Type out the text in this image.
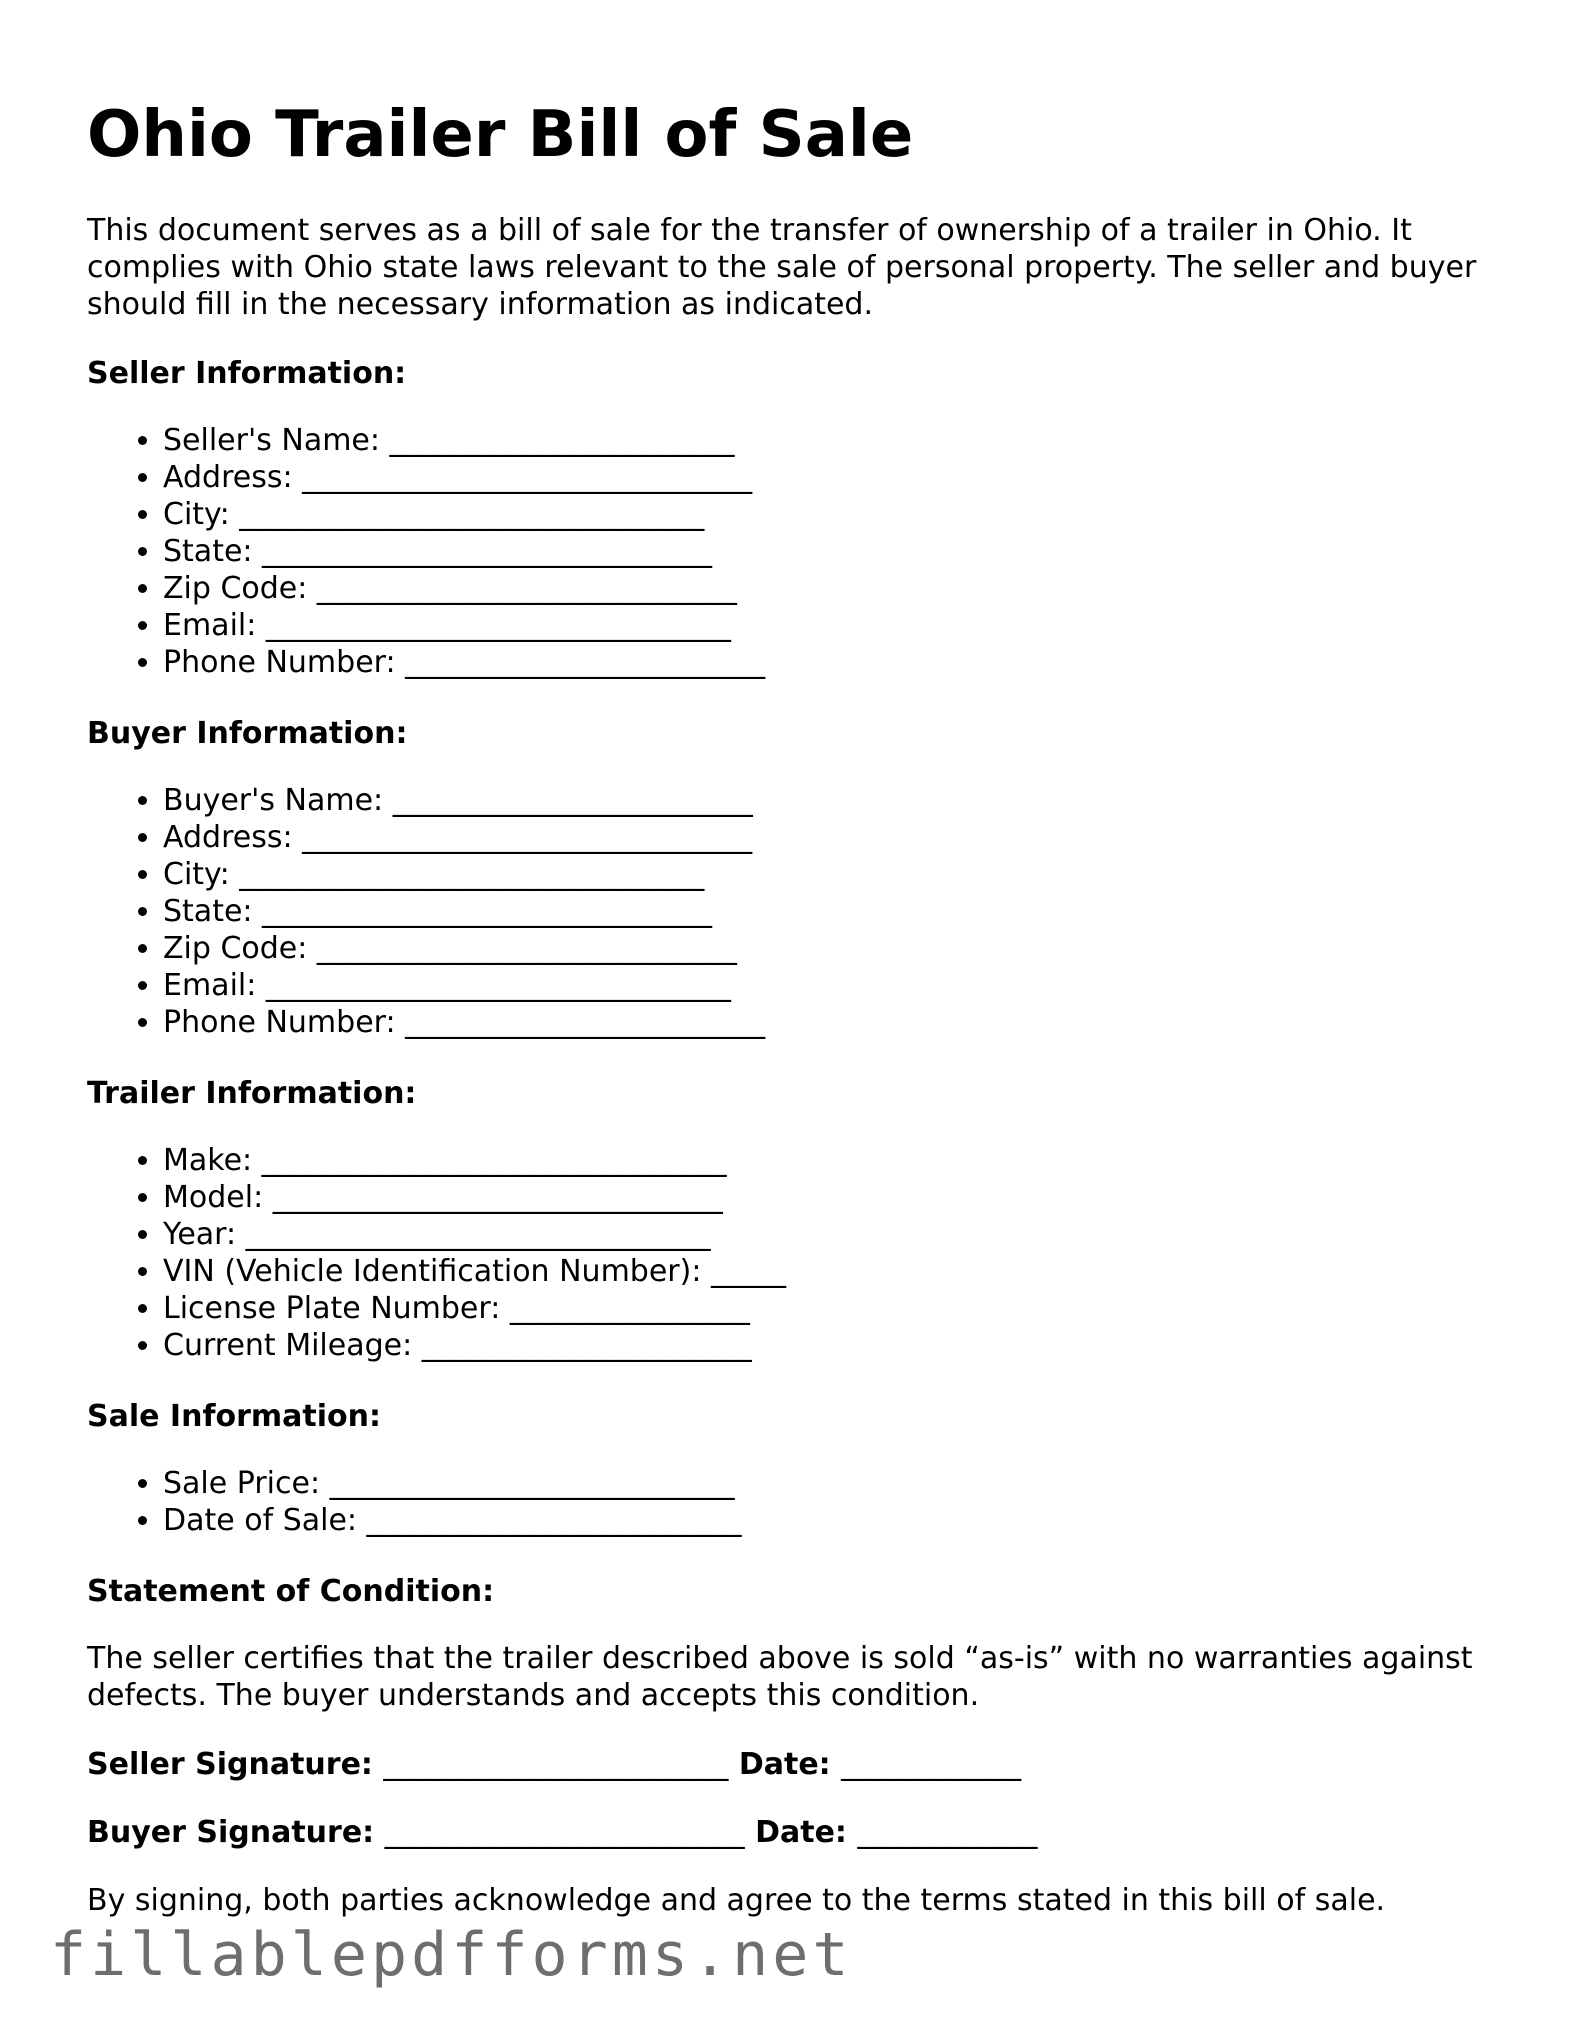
Ohio Trailer Bill of Sale

This document serves as a bill of sale for the transfer of ownership of a trailer in Ohio. It complies with Ohio state laws relevant to the sale of personal property. The seller and buyer should fill in the necessary information as indicated.

Seller Information:
• Seller's Name: _______________________
• Address: ______________________________
• City: _______________________________
• State: ______________________________
• Zip Code: ____________________________
• Email: _______________________________
• Phone Number: ________________________
Buyer Information:
• Buyer's Name: ________________________
• Address: ______________________________
• City: _______________________________
• State: ______________________________
• Zip Code: ____________________________
• Email: _______________________________
• Phone Number: ________________________
Trailer Information:
• Make: _______________________________
• Model: ______________________________
• Year: _______________________________
• VIN (Vehicle Identification Number): _____
• License Plate Number: ________________
• Current Mileage: ______________________
Sale Information:
• Sale Price: ___________________________
• Date of Sale: _________________________
Statement of Condition:

The seller certifies that the trailer described above is sold “as-is” with no warranties against defects. The buyer understands and accepts this condition.

Seller Signature: _______________________ Date: ____________
Buyer Signature: ________________________ Date: ____________

By signing, both parties acknowledge and agree to the terms stated in this bill of sale.

fillablepdfforms.net
